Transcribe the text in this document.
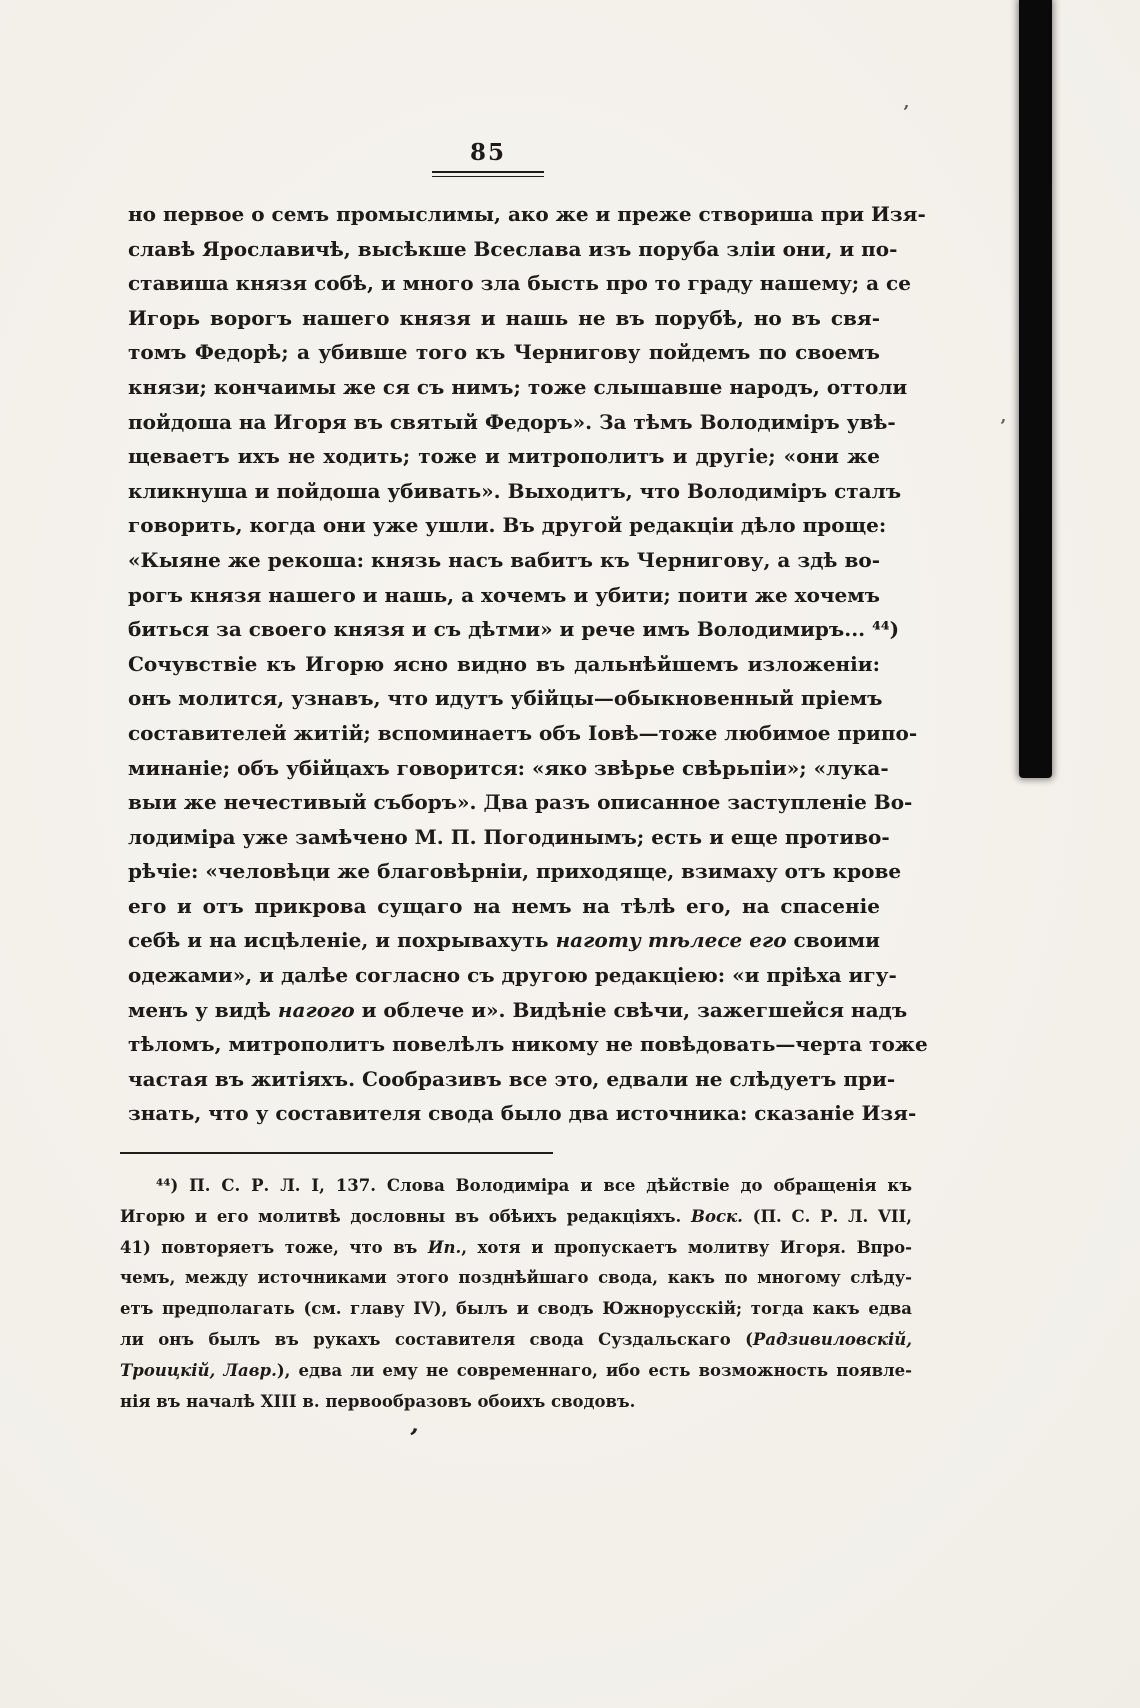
85
но первое о семъ промыслимы, ако же и преже створиша при Изя-
славѣ Ярославичѣ, высѣкше Всеслава изъ поруба зліи они, и по-
ставиша князя собѣ, и много зла бысть про то граду нашему; а се
Игорь ворогъ нашего князя и нашь не въ порубѣ, но въ свя-
томъ Федорѣ; а убивше того къ Чернигову пойдемъ по своемъ
князи; кончаимы же ся съ нимъ; тоже слышавше народъ, оттоли
пойдоша на Игоря въ святый Федоръ». За тѣмъ Володимiръ увѣ-
щеваетъ ихъ не ходить; тоже и митрополитъ и другіе; «они же
кликнуша и пойдоша убивать». Выходитъ, что Володимiръ сталъ
говорить, когда они уже ушли. Въ другой редакціи дѣло проще:
«Кыяне же рекоша: князь насъ вабитъ къ Чернигову, а здѣ во-
рогъ князя нашего и нашь, а хочемъ и убити; поити же хочемъ
биться за своего князя и съ дѣтми» и рече имъ Володимиръ... ⁴⁴)
Сочувствіе къ Игорю ясно видно въ дальнѣйшемъ изложеніи:
онъ молится, узнавъ, что идутъ убійцы—обыкновенный пріемъ
составителей житій; вспоминаетъ объ Іовѣ—тоже любимое припо-
минаніе; объ убійцахъ говорится: «яко звѣрье свѣрьпіи»; «лука-
выи же нечестивый съборъ». Два разъ описанное заступленіе Во-
лодимiра уже замѣчено М. П. Погодинымъ; есть и еще противо-
рѣчіе: «человѣци же благовѣрніи, приходяще, взимаху отъ крове
его и отъ прикрова сущаго на немъ на тѣлѣ его, на спасеніе
себѣ и на исцѣленіе, и похрывахуть наготу тѣлесе его своими
одежами», и далѣе согласно съ другою редакціею: «и пріѣха игу-
менъ у видѣ нагого и облече и». Видѣніе свѣчи, зажегшейся надъ
тѣломъ, митрополитъ повелѣлъ никому не повѣдовать—черта тоже
частая въ житіяхъ. Сообразивъ все это, едвали не слѣдуетъ при-
знать, что у составителя свода было два источника: сказаніе Изя-
⁴⁴) П. С. Р. Л. I, 137. Слова Володимiра и все дѣйствіе до обращенія къ
Игорю и его молитвѣ дословны въ обѣихъ редакціяхъ. Воск. (П. С. Р. Л. VII,
41) повторяетъ тоже, что въ Ип., хотя и пропускаетъ молитву Игоря. Впро-
чемъ, между источниками этого позднѣйшаго свода, какъ по многому слѣду-
етъ предполагать (см. главу IV), былъ и сводъ Южнорусскій; тогда какъ едва
ли онъ былъ въ рукахъ составителя свода Суздальскаго (Радзивиловскій,
Троицкій, Лавр.), едва ли ему не современнаго, ибо есть возможность появле-
нія въ началѣ XIII в. первообразовъ обоихъ сводовъ.
’
’
’
